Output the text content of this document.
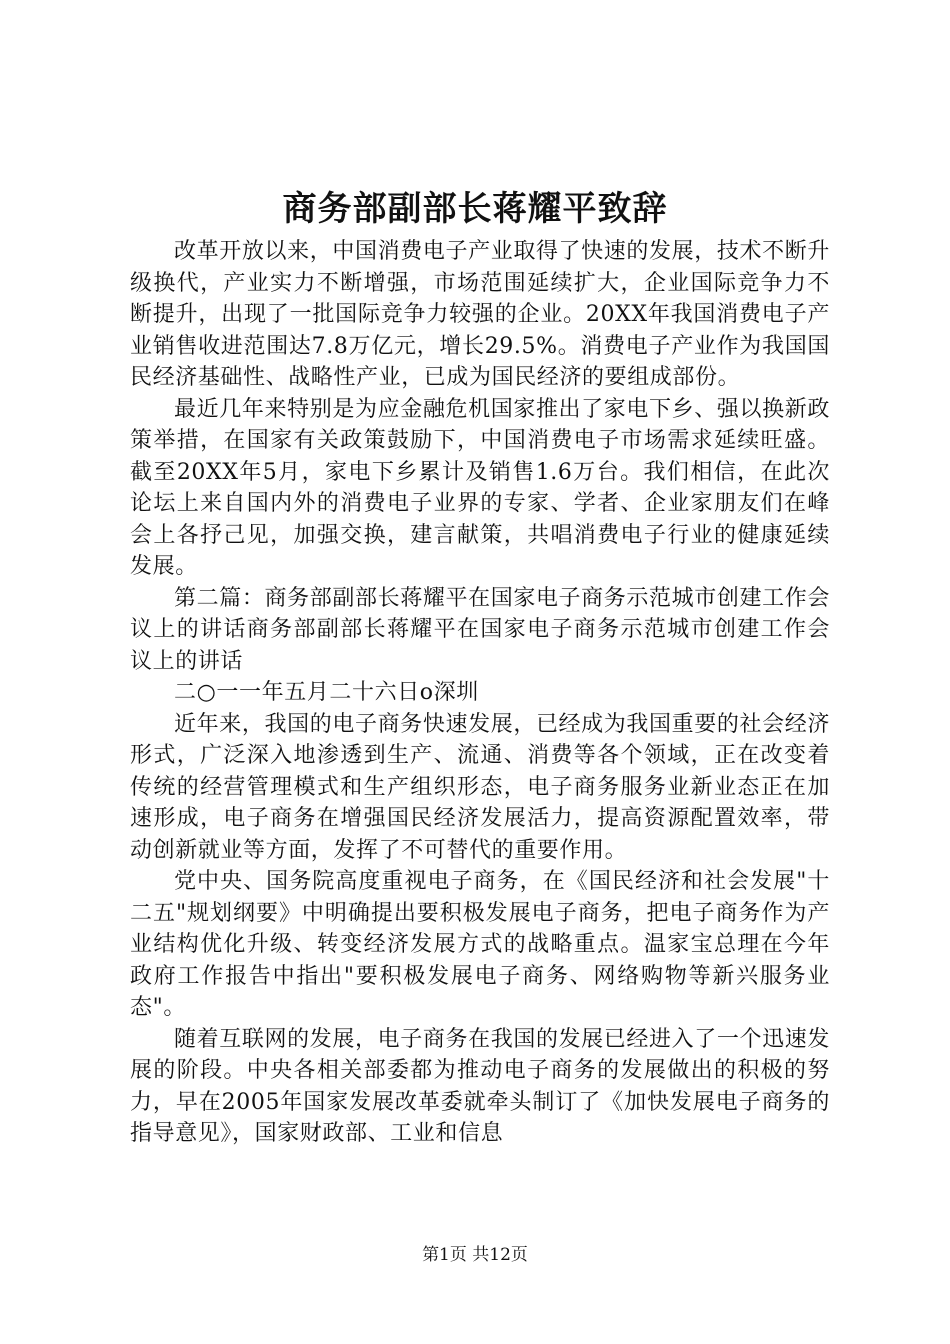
商务部副部长蒋耀平致辞

改革开放以来，中国消费电子产业取得了快速的发展，技术不断升级换代，产业实力不断增强，市场范围延续扩大，企业国际竞争力不断提升，出现了一批国际竞争力较强的企业。20XX年我国消费电子产业销售收进范围达7.8万亿元，增长29.5%。消费电子产业作为我国国民经济基础性、战略性产业，已成为国民经济的要组成部份。

最近几年来特别是为应金融危机国家推出了家电下乡、强以换新政策举措，在国家有关政策鼓励下，中国消费电子市场需求延续旺盛。截至20XX年5月，家电下乡累计及销售1.6万台。我们相信，在此次论坛上来自国内外的消费电子业界的专家、学者、企业家朋友们在峰会上各抒己见，加强交换，建言献策，共唱消费电子行业的健康延续发展。

第二篇：商务部副部长蒋耀平在国家电子商务示范城市创建工作会议上的讲话商务部副部长蒋耀平在国家电子商务示范城市创建工作会议上的讲话

二○一一年五月二十六日o深圳

近年来，我国的电子商务快速发展，已经成为我国重要的社会经济形式，广泛深入地渗透到生产、流通、消费等各个领域，正在改变着传统的经营管理模式和生产组织形态，电子商务服务业新业态正在加速形成，电子商务在增强国民经济发展活力，提高资源配置效率，带动创新就业等方面，发挥了不可替代的重要作用。

党中央、国务院高度重视电子商务，在《国民经济和社会发展"十二五"规划纲要》中明确提出要积极发展电子商务，把电子商务作为产业结构优化升级、转变经济发展方式的战略重点。温家宝总理在今年政府工作报告中指出"要积极发展电子商务、网络购物等新兴服务业态"。

随着互联网的发展，电子商务在我国的发展已经进入了一个迅速发展的阶段。中央各相关部委都为推动电子商务的发展做出的积极的努力，早在2005年国家发展改革委就牵头制订了《加快发展电子商务的指导意见》，国家财政部、工业和信息

第1页 共12页
